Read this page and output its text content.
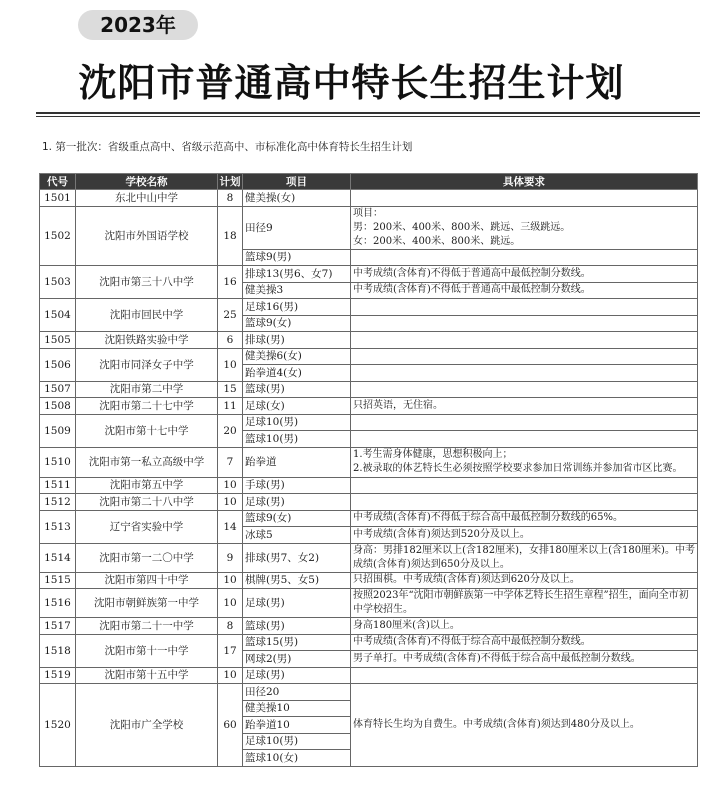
2023年
沈阳市普通高中特长生招生计划
1. 第一批次：省级重点高中、省级示范高中、市标准化高中体育特长生招生计划
代号	学校名称	计划	项目	具体要求
1501	东北中山中学	8	健美操(女)	
1502	沈阳市外国语学校	18	田径9	项目：
男：200米、400米、800米、跳远、三级跳远。
女：200米、400米、800米、跳远。
			篮球9(男)	
1503	沈阳市第三十八中学	16	排球13(男6、女7)	中考成绩(含体育)不得低于普通高中最低控制分数线。
			健美操3	中考成绩(含体育)不得低于普通高中最低控制分数线。
1504	沈阳市回民中学	25	足球16(男)	
			篮球9(女)	
1505	沈阳铁路实验中学	6	排球(男)	
1506	沈阳市同泽女子中学	10	健美操6(女)	
			跆拳道4(女)	
1507	沈阳市第二中学	15	篮球(男)	
1508	沈阳市第二十七中学	11	足球(女)	只招英语，无住宿。
1509	沈阳市第十七中学	20	足球10(男)	
			篮球10(男)	
1510	沈阳市第一私立高级中学	7	跆拳道	1.考生需身体健康，思想积极向上；
2.被录取的体艺特长生必须按照学校要求参加日常训练并参加省市区比赛。
1511	沈阳市第五中学	10	手球(男)	
1512	沈阳市第二十八中学	10	足球(男)	
1513	辽宁省实验中学	14	篮球9(女)	中考成绩(含体育)不得低于综合高中最低控制分数线的65%。
			冰球5	中考成绩(含体育)须达到520分及以上。
1514	沈阳市第一二〇中学	9	排球(男7、女2)	身高：男排182厘米以上(含182厘米)，女排180厘米以上(含180厘米)。中考成绩(含体育)须达到650分及以上。
1515	沈阳市第四十中学	10	棋牌(男5、女5)	只招围棋。中考成绩(含体育)须达到620分及以上。
1516	沈阳市朝鲜族第一中学	10	足球(男)	按照2023年“沈阳市朝鲜族第一中学体艺特长生招生章程”招生，面向全市初中学校招生。
1517	沈阳市第二十一中学	8	篮球(男)	身高180厘米(含)以上。
1518	沈阳市第十一中学	17	篮球15(男)	中考成绩(含体育)不得低于综合高中最低控制分数线。
			网球2(男)	男子单打。中考成绩(含体育)不得低于综合高中最低控制分数线。
1519	沈阳市第十五中学	10	足球(男)	
1520	沈阳市广全学校	60	田径20	体育特长生均为自费生。中考成绩(含体育)须达到480分及以上。
			健美操10	
			跆拳道10	
			足球10(男)	
			篮球10(女)	
